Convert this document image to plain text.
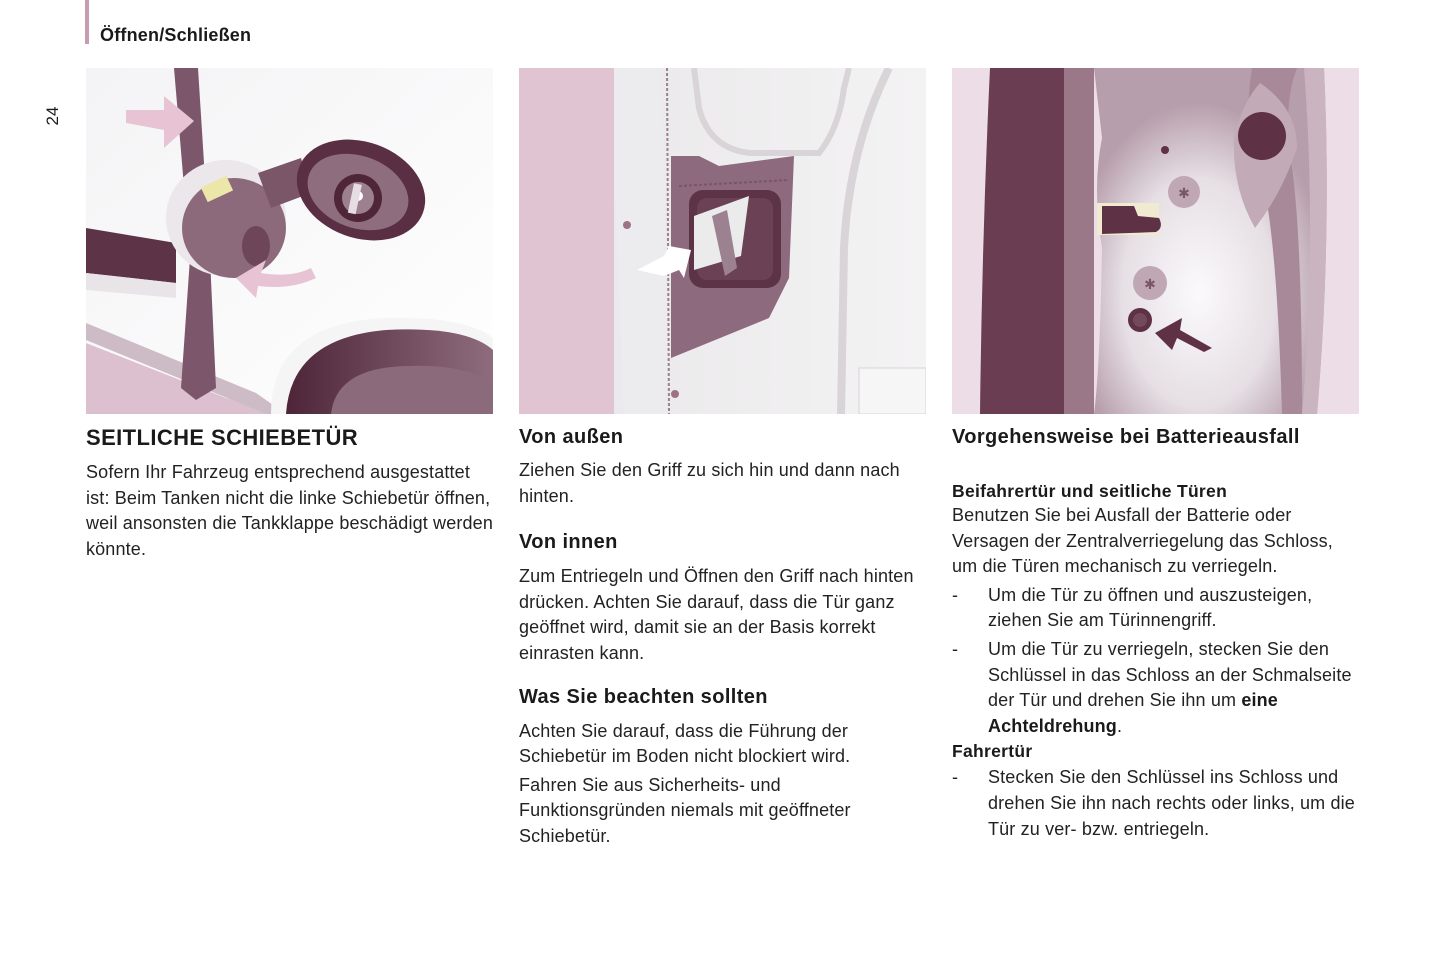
Öffnen/Schließen
24
SEITLICHE SCHIEBETÜR
Sofern Ihr Fahrzeug entsprechend ausgestattet ist: Beim Tanken nicht die linke Schiebetür öffnen, weil ansonsten die Tankklappe beschädigt werden könnte.
Von außen
Ziehen Sie den Griff zu sich hin und dann nach hinten.
Von innen
Zum Entriegeln und Öffnen den Griff nach hinten drücken. Achten Sie darauf, dass die Tür ganz geöffnet wird, damit sie an der Basis korrekt einrasten kann.
Was Sie beachten sollten
Achten Sie darauf, dass die Führung der Schiebetür im Boden nicht blockiert wird.
Fahren Sie aus Sicherheits- und Funktionsgründen niemals mit geöffneter Schiebetür.
✱
✱
Vorgehensweise bei Batterieausfall
Beifahrertür und seitliche Türen
Benutzen Sie bei Ausfall der Batterie oder Versagen der Zentralverriegelung das Schloss, um die Türen mechanisch zu verriegeln.
-	Um die Tür zu öffnen und auszusteigen, ziehen Sie am Türinnengriff.
-	Um die Tür zu verriegeln, stecken Sie den Schlüssel in das Schloss an der Schmalseite der Tür und drehen Sie ihn um eine Achteldrehung.
Fahrertür
-	Stecken Sie den Schlüssel ins Schloss und drehen Sie ihn nach rechts oder links, um die Tür zu ver- bzw. entriegeln.
